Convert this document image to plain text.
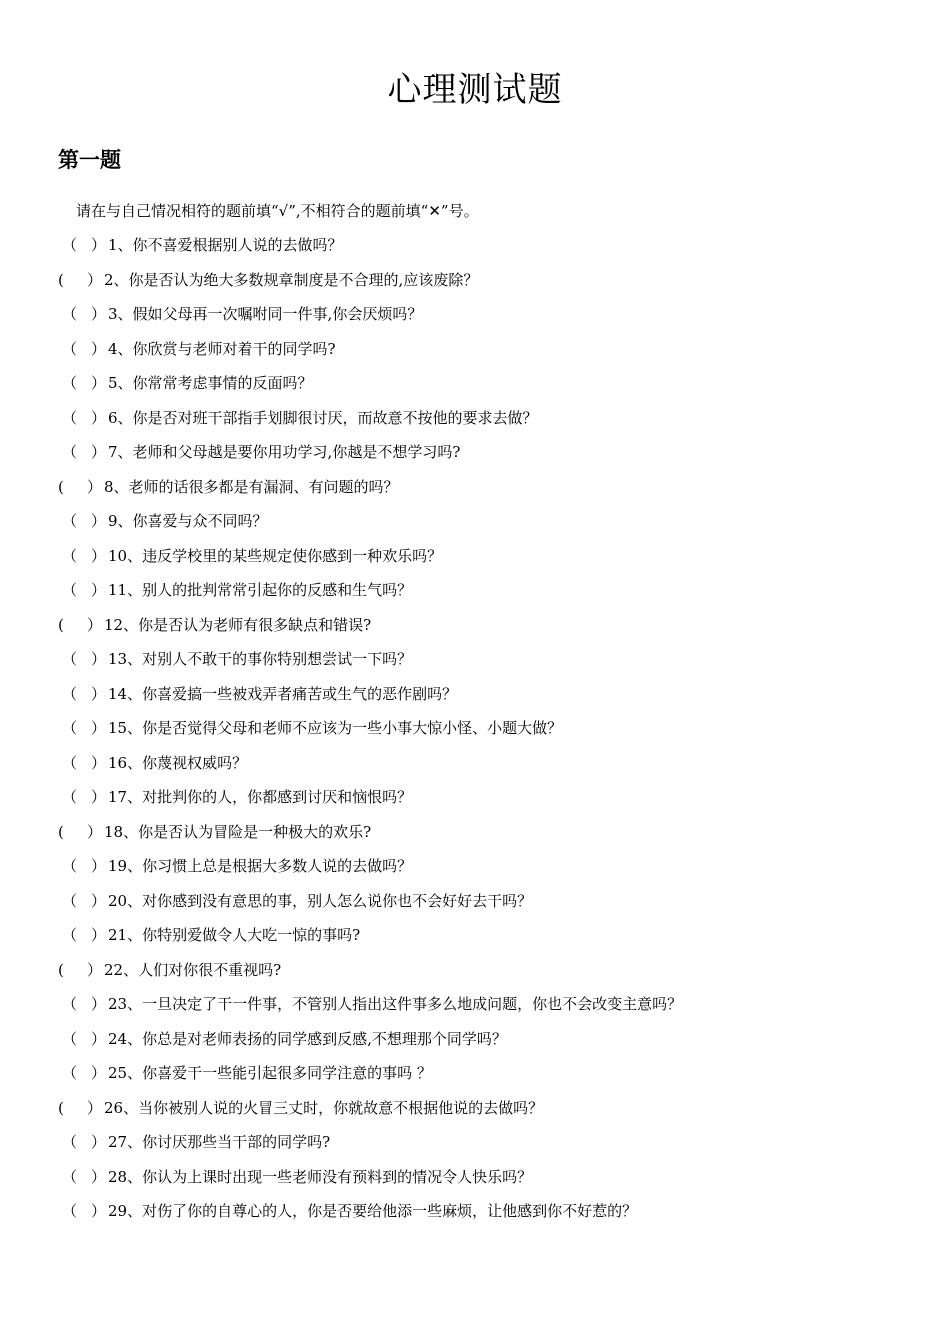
心理测试题
第一题
请在与自己情况相符的题前填“√”,不相符合的题前填“✕”号。
（ ） 1、你不喜爱根据别人说的去做吗？
( ） 2、你是否认为绝大多数规章制度是不合理的,应该废除？
（ ） 3、假如父母再一次嘱咐同一件事,你会厌烦吗？
（ ） 4、你欣赏与老师对着干的同学吗?
（ ） 5、你常常考虑事情的反面吗？
（ ） 6、你是否对班干部指手划脚很讨厌，而故意不按他的要求去做？
（ ） 7、老师和父母越是要你用功学习,你越是不想学习吗?
( ） 8、老师的话很多都是有漏洞、有问题的吗？
（ ） 9、你喜爱与众不同吗？
（ ） 10、违反学校里的某些规定使你感到一种欢乐吗？
（ ） 11、别人的批判常常引起你的反感和生气吗？
( ） 12、你是否认为老师有很多缺点和错误?
（ ） 13、对别人不敢干的事你特别想尝试一下吗？
（ ） 14、你喜爱搞一些被戏弄者痛苦或生气的恶作剧吗？
（ ） 15、你是否觉得父母和老师不应该为一些小事大惊小怪、小题大做？
（ ） 16、你蔑视权威吗？
（ ） 17、对批判你的人，你都感到讨厌和恼恨吗？
( ） 18、你是否认为冒险是一种极大的欢乐?
（ ） 19、你习惯上总是根据大多数人说的去做吗？
（ ） 20、对你感到没有意思的事，别人怎么说你也不会好好去干吗？
（ ） 21、你特别爱做令人大吃一惊的事吗?
( ） 22、人们对你很不重视吗?
（ ） 23、一旦决定了干一件事，不管别人指出这件事多么地成问题，你也不会改变主意吗？
（ ） 24、你总是对老师表扬的同学感到反感,不想理那个同学吗？
（ ） 25、你喜爱干一些能引起很多同学注意的事吗 ？
( ） 26、当你被别人说的火冒三丈时，你就故意不根据他说的去做吗？
（ ） 27、你讨厌那些当干部的同学吗?
（ ） 28、你认为上课时出现一些老师没有预料到的情况令人快乐吗？
（ ） 29、对伤了你的自尊心的人，你是否要给他添一些麻烦，让他感到你不好惹的？
